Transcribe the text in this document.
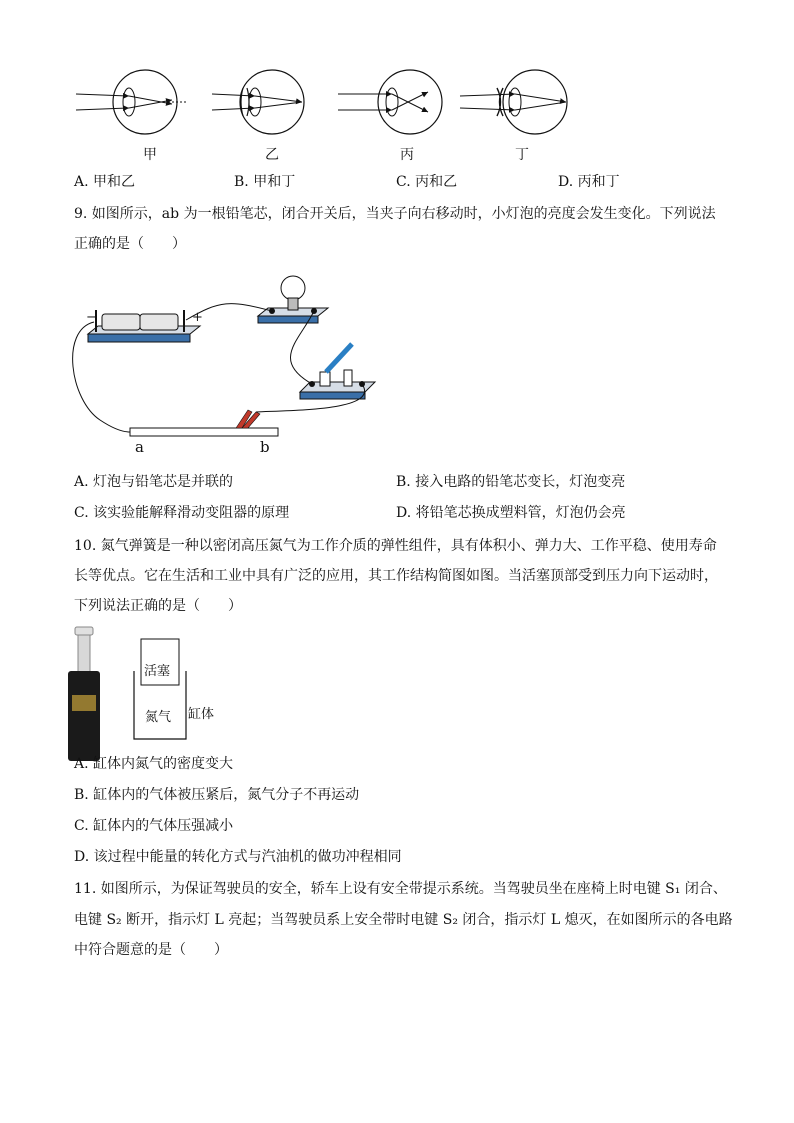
甲	乙	丙	丁
A. 甲和乙	B. 甲和丁	C. 丙和乙	D. 丙和丁
9. 如图所示，ab 为一根铅笔芯，闭合开关后，当夹子向右移动时，小灯泡的亮度会发生变化。下列说法
正确的是（　　）
−	+
a	b
A. 灯泡与铅笔芯是并联的	B. 接入电路的铅笔芯变长，灯泡变亮
C. 该实验能解释滑动变阻器的原理	D. 将铅笔芯换成塑料管，灯泡仍会亮
10. 氮气弹簧是一种以密闭高压氮气为工作介质的弹性组件，具有体积小、弹力大、工作平稳、使用寿命
长等优点。它在生活和工业中具有广泛的应用，其工作结构简图如图。当活塞顶部受到压力向下运动时，
下列说法正确的是（　　）
活塞
氮气 缸体
A. 缸体内氮气的密度变大
B. 缸体内的气体被压紧后，氮气分子不再运动
C. 缸体内的气体压强减小
D. 该过程中能量的转化方式与汽油机的做功冲程相同
11. 如图所示，为保证驾驶员的安全，轿车上设有安全带提示系统。当驾驶员坐在座椅上时电键 S₁ 闭合、
电键 S₂ 断开，指示灯 L 亮起；当驾驶员系上安全带时电键 S₂ 闭合，指示灯 L 熄灭，在如图所示的各电路
中符合题意的是（　　）
